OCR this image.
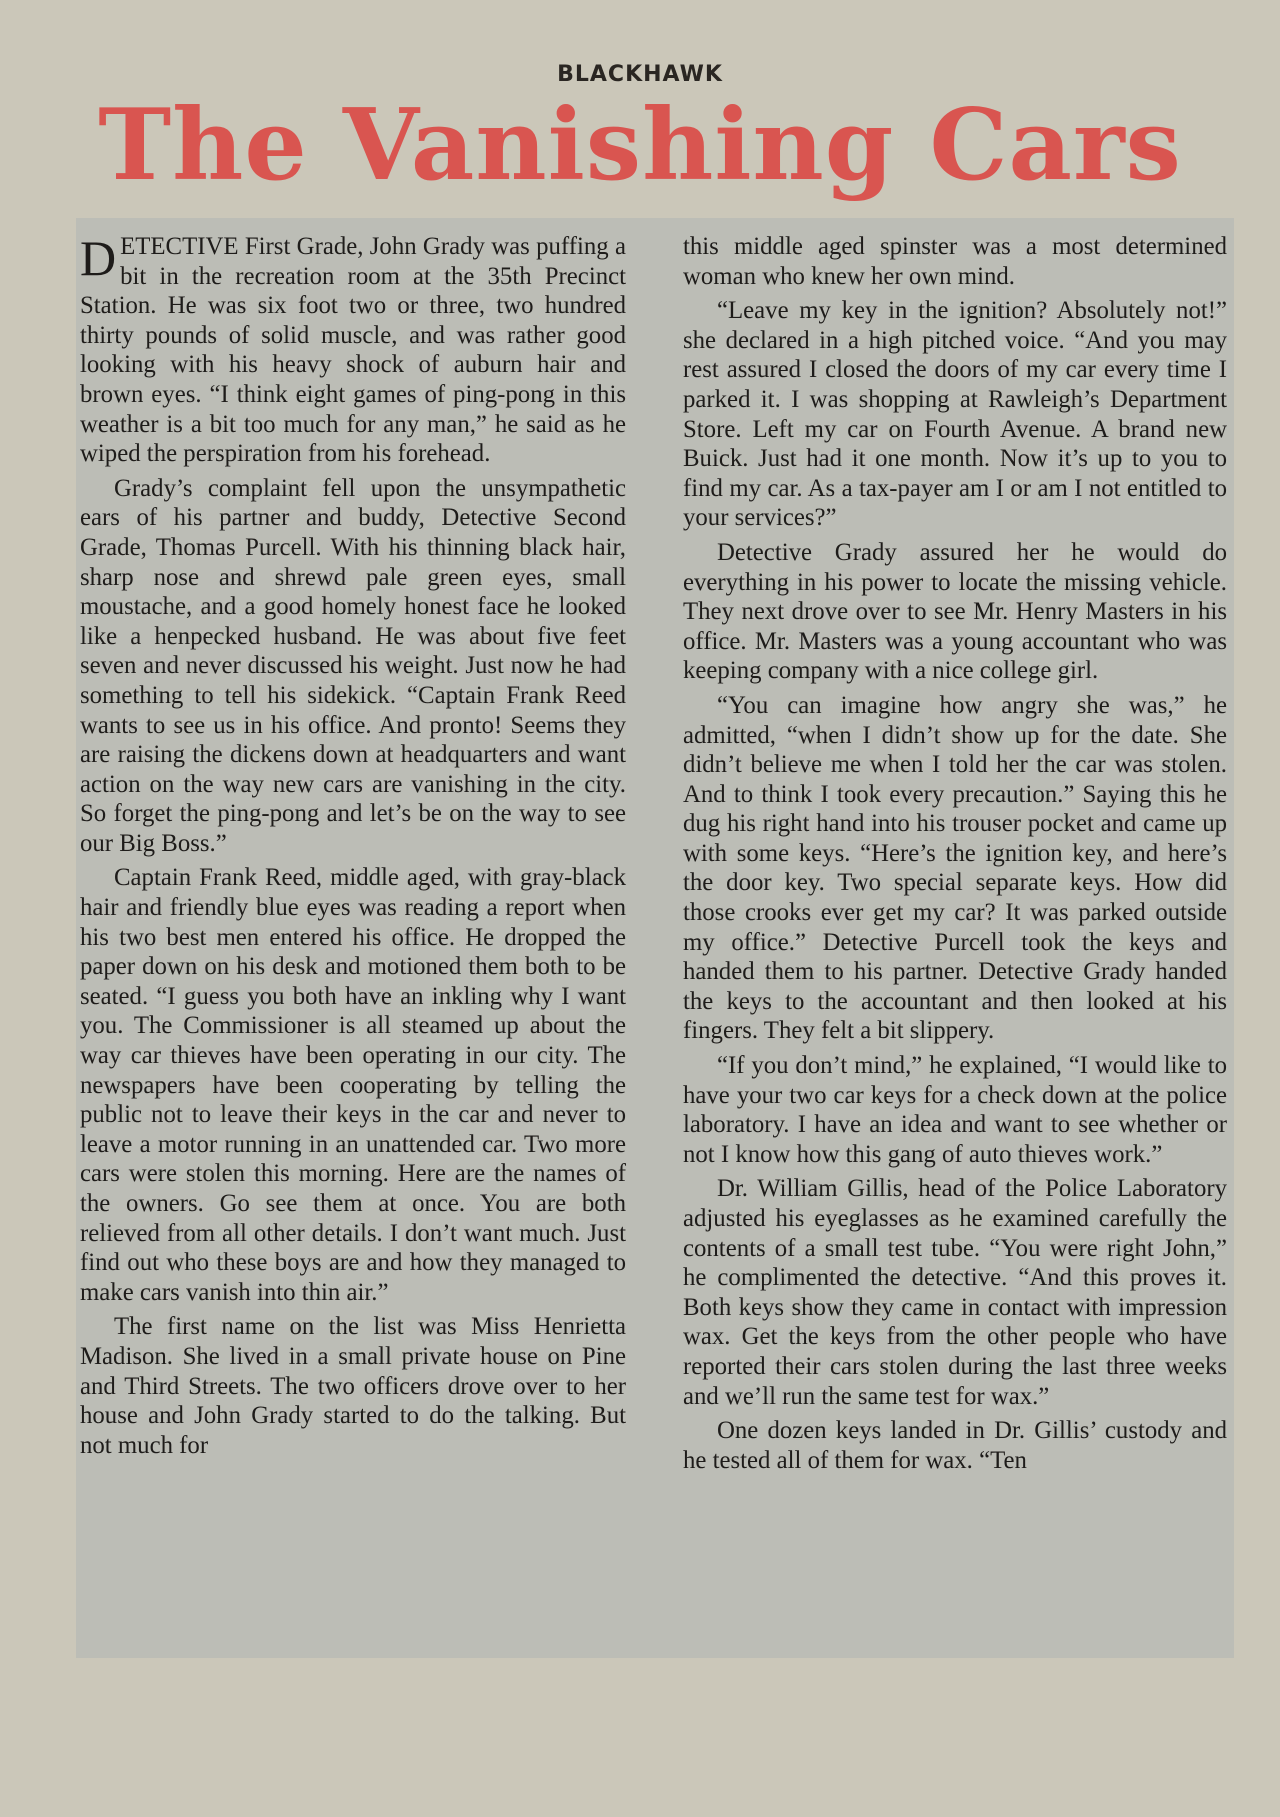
BLACKHAWK
The Vanishing Cars

DETECTIVE First Grade, John Grady was puffing a bit in the recreation room at the 35th Precinct Station. He was six foot two or three, two hundred thirty pounds of solid muscle, and was rather good looking with his heavy shock of auburn hair and brown eyes. “I think eight games of ping-pong in this weather is a bit too much for any man,” he said as he wiped the perspiration from his forehead.

Grady’s complaint fell upon the unsympathetic ears of his partner and buddy, Detective Second Grade, Thomas Purcell. With his thinning black hair, sharp nose and shrewd pale green eyes, small moustache, and a good homely honest face he looked like a henpecked husband. He was about five feet seven and never discussed his weight. Just now he had something to tell his sidekick. “Captain Frank Reed wants to see us in his office. And pronto! Seems they are raising the dickens down at headquarters and want action on the way new cars are vanishing in the city. So forget the ping-pong and let’s be on the way to see our Big Boss.”

Captain Frank Reed, middle aged, with gray-black hair and friendly blue eyes was reading a report when his two best men entered his office. He dropped the paper down on his desk and motioned them both to be seated. “I guess you both have an inkling why I want you. The Commissioner is all steamed up about the way car thieves have been operating in our city. The newspapers have been cooperating by telling the public not to leave their keys in the car and never to leave a motor running in an unattended car. Two more cars were stolen this morning. Here are the names of the owners. Go see them at once. You are both relieved from all other details. I don’t want much. Just find out who these boys are and how they managed to make cars vanish into thin air.”

The first name on the list was Miss Henrietta Madison. She lived in a small private house on Pine and Third Streets. The two officers drove over to her house and John Grady started to do the talking. But not much for

this middle aged spinster was a most determined woman who knew her own mind.

“Leave my key in the ignition? Absolutely not!” she declared in a high pitched voice. “And you may rest assured I closed the doors of my car every time I parked it. I was shopping at Rawleigh’s Department Store. Left my car on Fourth Avenue. A brand new Buick. Just had it one month. Now it’s up to you to find my car. As a tax-payer am I or am I not entitled to your services?”

Detective Grady assured her he would do everything in his power to locate the missing vehicle. They next drove over to see Mr. Henry Masters in his office. Mr. Masters was a young accountant who was keeping company with a nice college girl.

“You can imagine how angry she was,” he admitted, “when I didn’t show up for the date. She didn’t believe me when I told her the car was stolen. And to think I took every precaution.” Saying this he dug his right hand into his trouser pocket and came up with some keys. “Here’s the ignition key, and here’s the door key. Two special separate keys. How did those crooks ever get my car? It was parked outside my office.” Detective Purcell took the keys and handed them to his partner. Detective Grady handed the keys to the accountant and then looked at his fingers. They felt a bit slippery.

“If you don’t mind,” he explained, “I would like to have your two car keys for a check down at the police laboratory. I have an idea and want to see whether or not I know how this gang of auto thieves work.”

Dr. William Gillis, head of the Police Laboratory adjusted his eyeglasses as he examined carefully the contents of a small test tube. “You were right John,” he complimented the detective. “And this proves it. Both keys show they came in contact with impression wax. Get the keys from the other people who have reported their cars stolen during the last three weeks and we’ll run the same test for wax.”

One dozen keys landed in Dr. Gillis’ custody and he tested all of them for wax. “Ten
